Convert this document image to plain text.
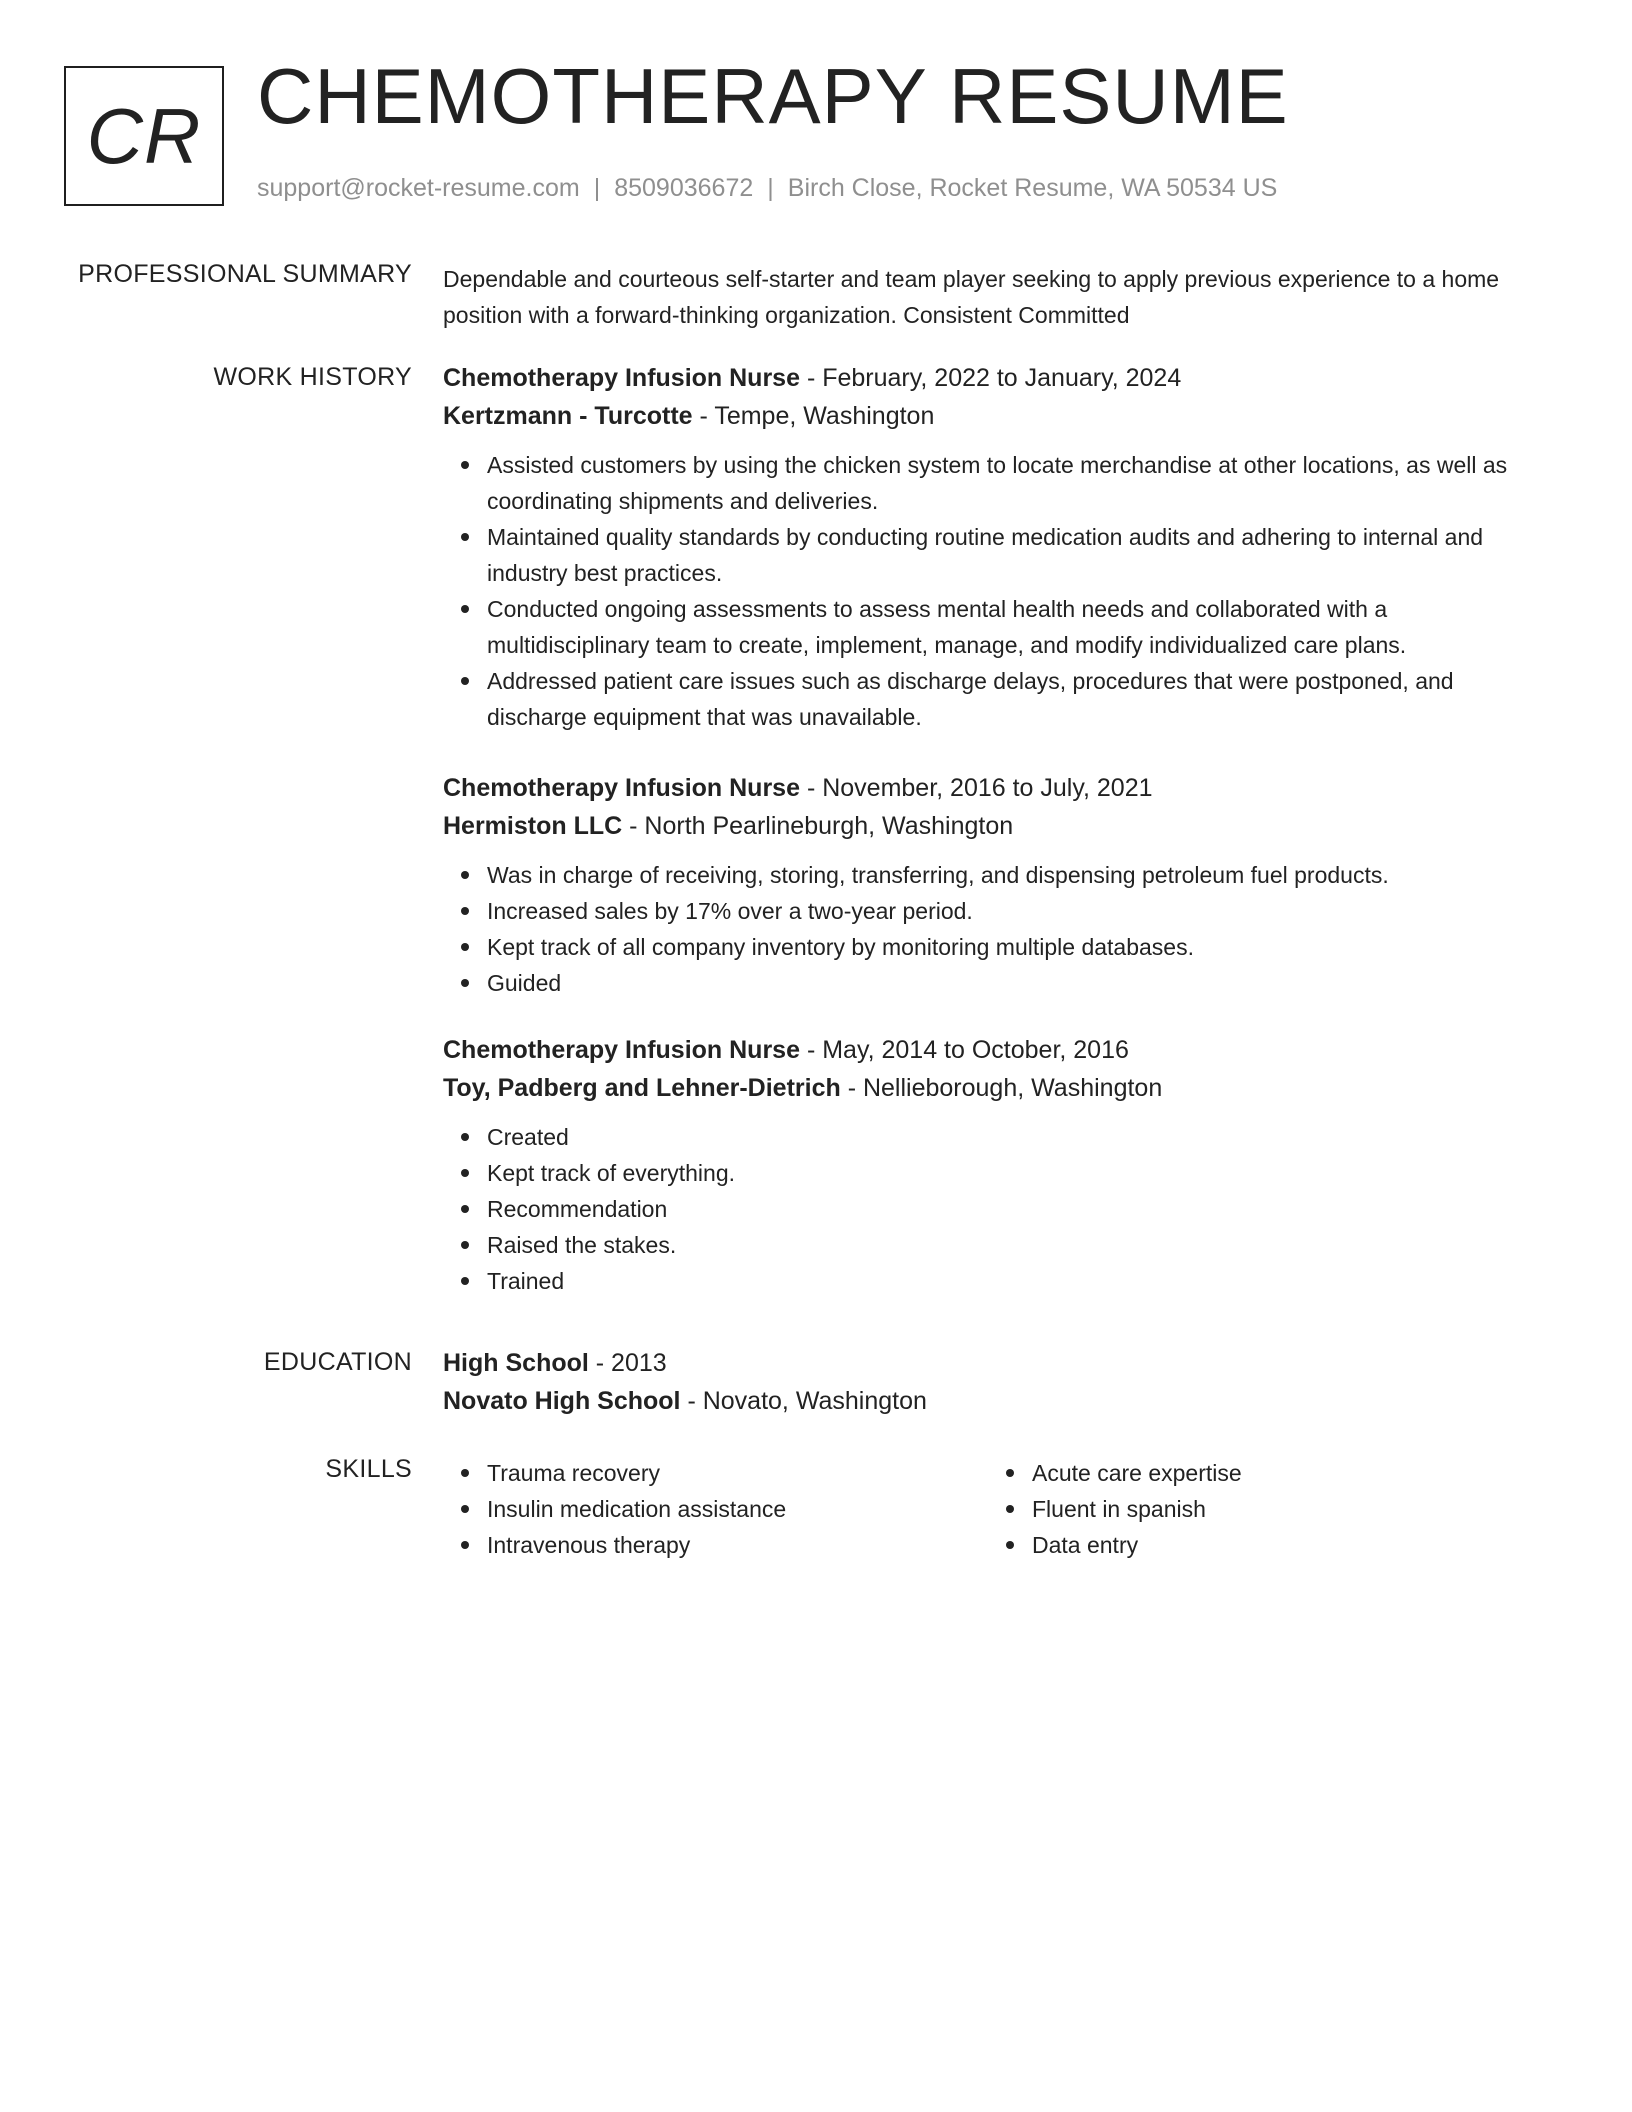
CR CHEMOTHERAPY RESUME
support@rocket-resume.com | 8509036672 | Birch Close, Rocket Resume, WA 50534 US
PROFESSIONAL SUMMARY Dependable and courteous self-starter and team player seeking to apply previous experience to a home position with a forward-thinking organization. Consistent Committed

WORK HISTORY Chemotherapy Infusion Nurse - February, 2022 to January, 2024
Kertzmann - Turcotte - Tempe, Washington
Assisted customers by using the chicken system to locate merchandise at other locations, as well as coordinating shipments and deliveries.
Maintained quality standards by conducting routine medication audits and adhering to internal and industry best practices.
Conducted ongoing assessments to assess mental health needs and collaborated with a multidisciplinary team to create, implement, manage, and modify individualized care plans.
Addressed patient care issues such as discharge delays, procedures that were postponed, and discharge equipment that was unavailable.
Chemotherapy Infusion Nurse - November, 2016 to July, 2021
Hermiston LLC - North Pearlineburgh, Washington
Was in charge of receiving, storing, transferring, and dispensing petroleum fuel products.
Increased sales by 17% over a two-year period.
Kept track of all company inventory by monitoring multiple databases.
Guided
Chemotherapy Infusion Nurse - May, 2014 to October, 2016
Toy, Padberg and Lehner-Dietrich - Nellieborough, Washington
Created
Kept track of everything.
Recommendation
Raised the stakes.
Trained
EDUCATION High School - 2013
Novato High School - Novato, Washington
SKILLS	Trauma recovery
Insulin medication assistance
Intravenous therapy
Acute care expertise
Fluent in spanish
Data entry
